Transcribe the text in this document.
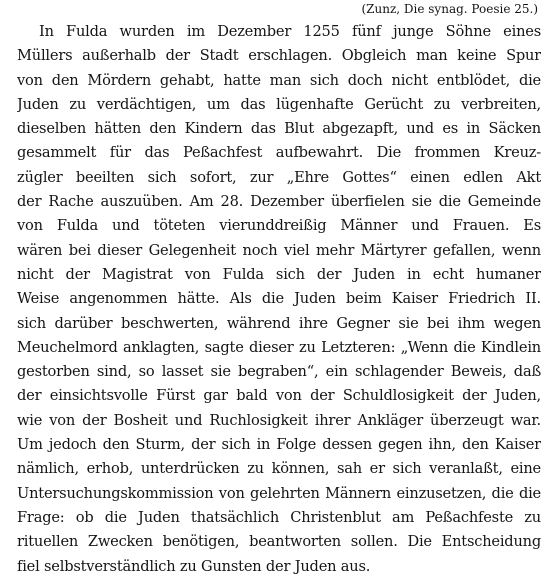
(Zunz, Die synag. Poesie 25.)
In Fulda wurden im Dezember 1255 fünf junge Söhne eines
Müllers außerhalb der Stadt erschlagen. Obgleich man keine Spur
von den Mördern gehabt, hatte man sich doch nicht entblödet, die
Juden zu verdächtigen, um das lügenhafte Gerücht zu verbreiten,
dieselben hätten den Kindern das Blut abgezapft, und es in Säcken
gesammelt für das Peßachfest aufbewahrt. Die frommen Kreuz-
zügler beeilten sich sofort, zur „Ehre Gottes“ einen edlen Akt
der Rache auszuüben. Am 28. Dezember überfielen sie die Gemeinde
von Fulda und töteten vierunddreißig Männer und Frauen. Es
wären bei dieser Gelegenheit noch viel mehr Märtyrer gefallen, wenn
nicht der Magistrat von Fulda sich der Juden in echt humaner
Weise angenommen hätte. Als die Juden beim Kaiser Friedrich II.
sich darüber beschwerten, während ihre Gegner sie bei ihm wegen
Meuchelmord anklagten, sagte dieser zu Letzteren: „Wenn die Kindlein
gestorben sind, so lasset sie begraben“, ein schlagender Beweis, daß
der einsichtsvolle Fürst gar bald von der Schuldlosigkeit der Juden,
wie von der Bosheit und Ruchlosigkeit ihrer Ankläger überzeugt war.
Um jedoch den Sturm, der sich in Folge dessen gegen ihn, den Kaiser
nämlich, erhob, unterdrücken zu können, sah er sich veranlaßt, eine
Untersuchungskommission von gelehrten Männern einzusetzen, die die
Frage: ob die Juden thatsächlich Christenblut am Peßachfeste zu
rituellen Zwecken benötigen, beantworten sollen. Die Entscheidung
fiel selbstverständlich zu Gunsten der Juden aus.
